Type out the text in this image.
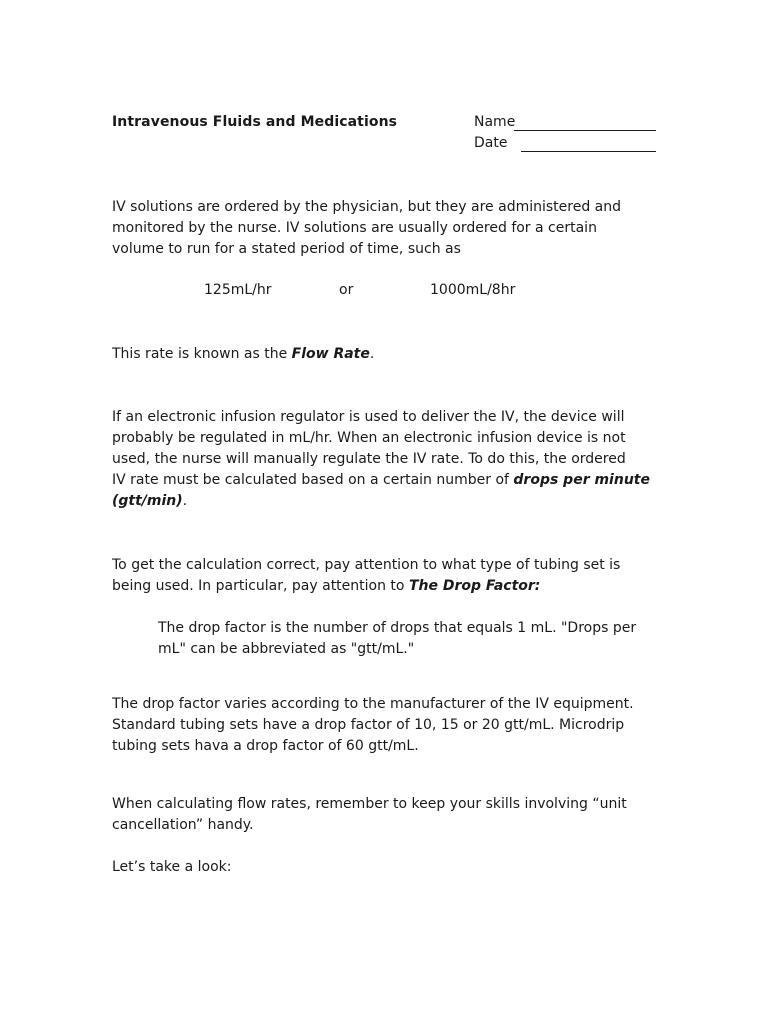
Intravenous Fluids and Medications	Name
Date
IV solutions are ordered by the physician, but they are administered and
monitored by the nurse. IV solutions are usually ordered for a certain
volume to run for a stated period of time, such as
125mL/hr	or	1000mL/8hr
This rate is known as the Flow Rate.
If an electronic infusion regulator is used to deliver the IV, the device will
probably be regulated in mL/hr. When an electronic infusion device is not
used, the nurse will manually regulate the IV rate. To do this, the ordered
IV rate must be calculated based on a certain number of drops per minute
(gtt/min).
To get the calculation correct, pay attention to what type of tubing set is
being used. In particular, pay attention to The Drop Factor:
The drop factor is the number of drops that equals 1 mL. "Drops per
mL" can be abbreviated as "gtt/mL."
The drop factor varies according to the manufacturer of the IV equipment.
Standard tubing sets have a drop factor of 10, 15 or 20 gtt/mL. Microdrip
tubing sets hava a drop factor of 60 gtt/mL.
When calculating flow rates, remember to keep your skills involving “unit
cancellation” handy.
Let’s take a look:
